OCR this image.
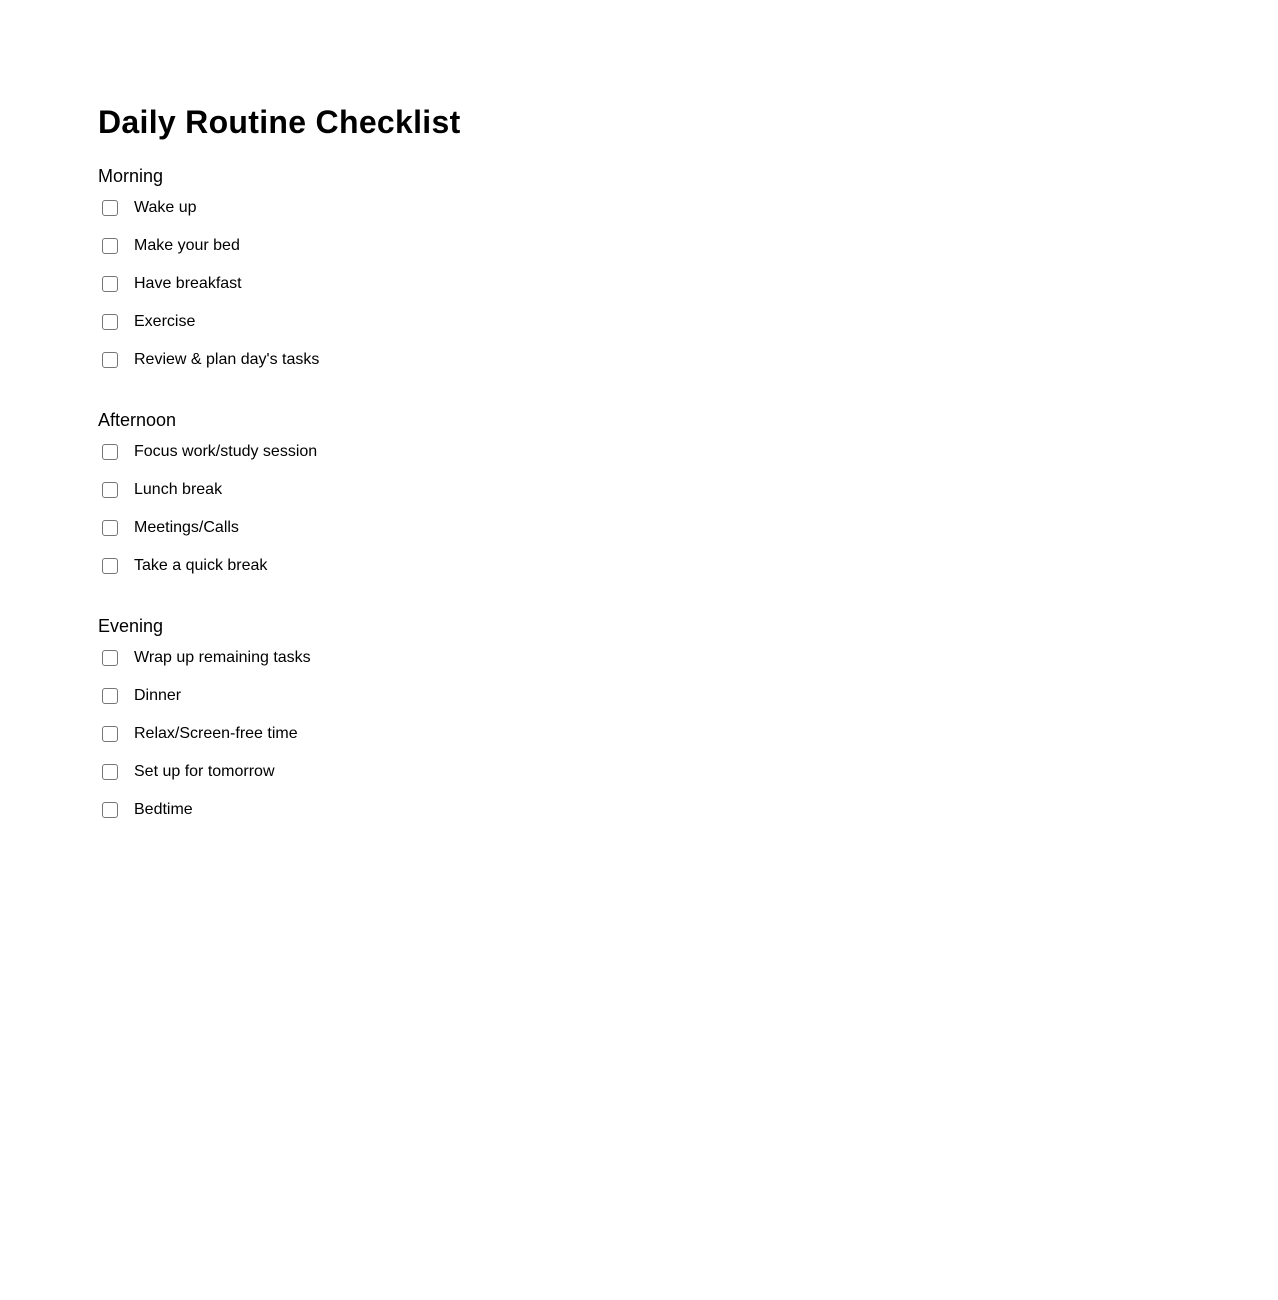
Daily Routine Checklist
Morning
Wake up
Make your bed
Have breakfast
Exercise
Review & plan day's tasks
Afternoon
Focus work/study session
Lunch break
Meetings/Calls
Take a quick break
Evening
Wrap up remaining tasks
Dinner
Relax/Screen-free time
Set up for tomorrow
Bedtime
